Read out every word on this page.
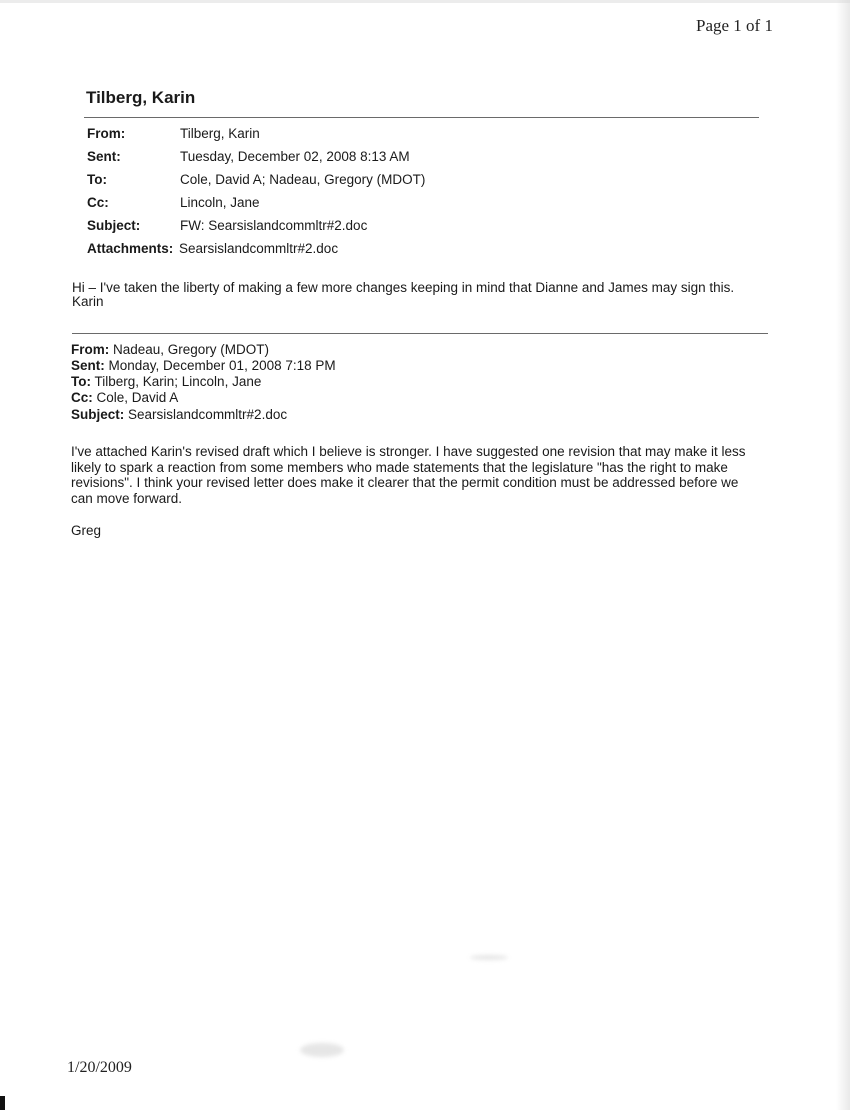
Page 1 of 1
Tilberg, Karin
From:	Tilberg, Karin
Sent:	Tuesday, December 02, 2008 8:13 AM
To:	Cole, David A; Nadeau, Gregory (MDOT)
Cc:	Lincoln, Jane
Subject:	FW: Searsislandcommltr#2.doc
Attachments: Searsislandcommltr#2.doc
Hi – I've taken the liberty of making a few more changes keeping in mind that Dianne and James may sign this.
Karin
From: Nadeau, Gregory (MDOT)
Sent: Monday, December 01, 2008 7:18 PM
To: Tilberg, Karin; Lincoln, Jane
Cc: Cole, David A
Subject: Searsislandcommltr#2.doc
I've attached Karin's revised draft which I believe is stronger. I have suggested one revision that may make it less
likely to spark a reaction from some members who made statements that the legislature "has the right to make
revisions". I think your revised letter does make it clearer that the permit condition must be addressed before we
can move forward.
Greg
1/20/2009
